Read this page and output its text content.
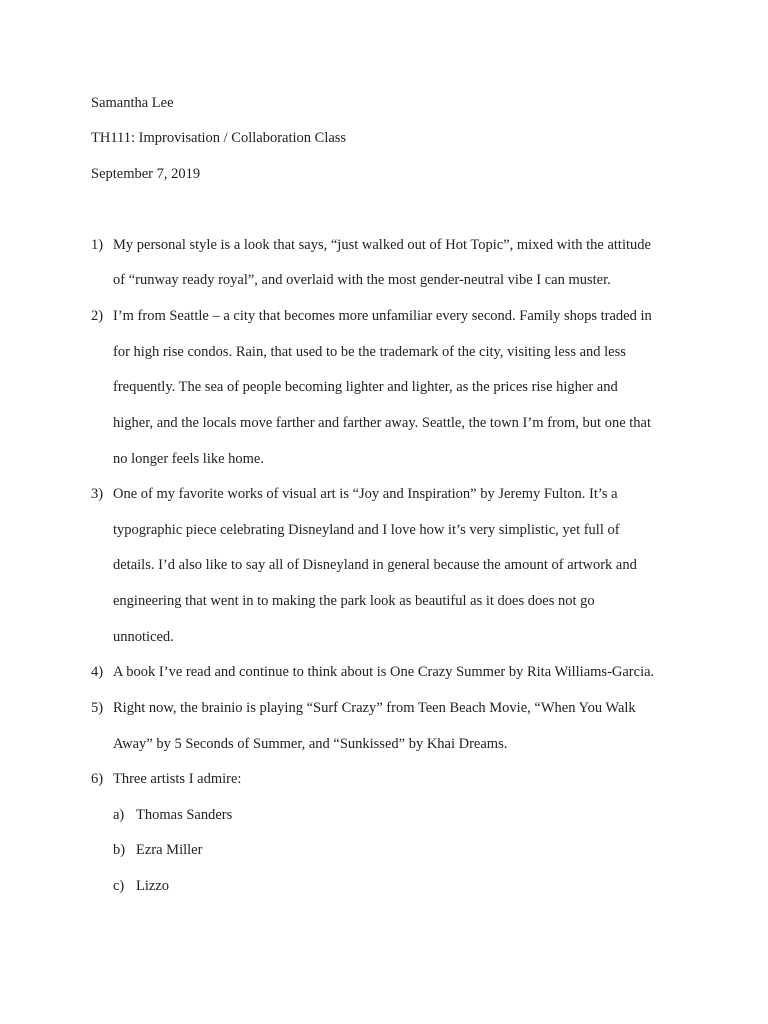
Samantha Lee
TH111: Improvisation / Collaboration Class
September 7, 2019
1) My personal style is a look that says, “just walked out of Hot Topic”, mixed with the attitude
of “runway ready royal”, and overlaid with the most gender-neutral vibe I can muster.
2) I’m from Seattle – a city that becomes more unfamiliar every second. Family shops traded in
for high rise condos. Rain, that used to be the trademark of the city, visiting less and less
frequently. The sea of people becoming lighter and lighter, as the prices rise higher and
higher, and the locals move farther and farther away. Seattle, the town I’m from, but one that
no longer feels like home.
3) One of my favorite works of visual art is “Joy and Inspiration” by Jeremy Fulton. It’s a
typographic piece celebrating Disneyland and I love how it’s very simplistic, yet full of
details. I’d also like to say all of Disneyland in general because the amount of artwork and
engineering that went in to making the park look as beautiful as it does does not go
unnoticed.
4) A book I’ve read and continue to think about is One Crazy Summer by Rita Williams-Garcia.
5) Right now, the brainio is playing “Surf Crazy” from Teen Beach Movie, “When You Walk
Away” by 5 Seconds of Summer, and “Sunkissed” by Khai Dreams.
6) Three artists I admire:
a) Thomas Sanders
b) Ezra Miller
c) Lizzo
